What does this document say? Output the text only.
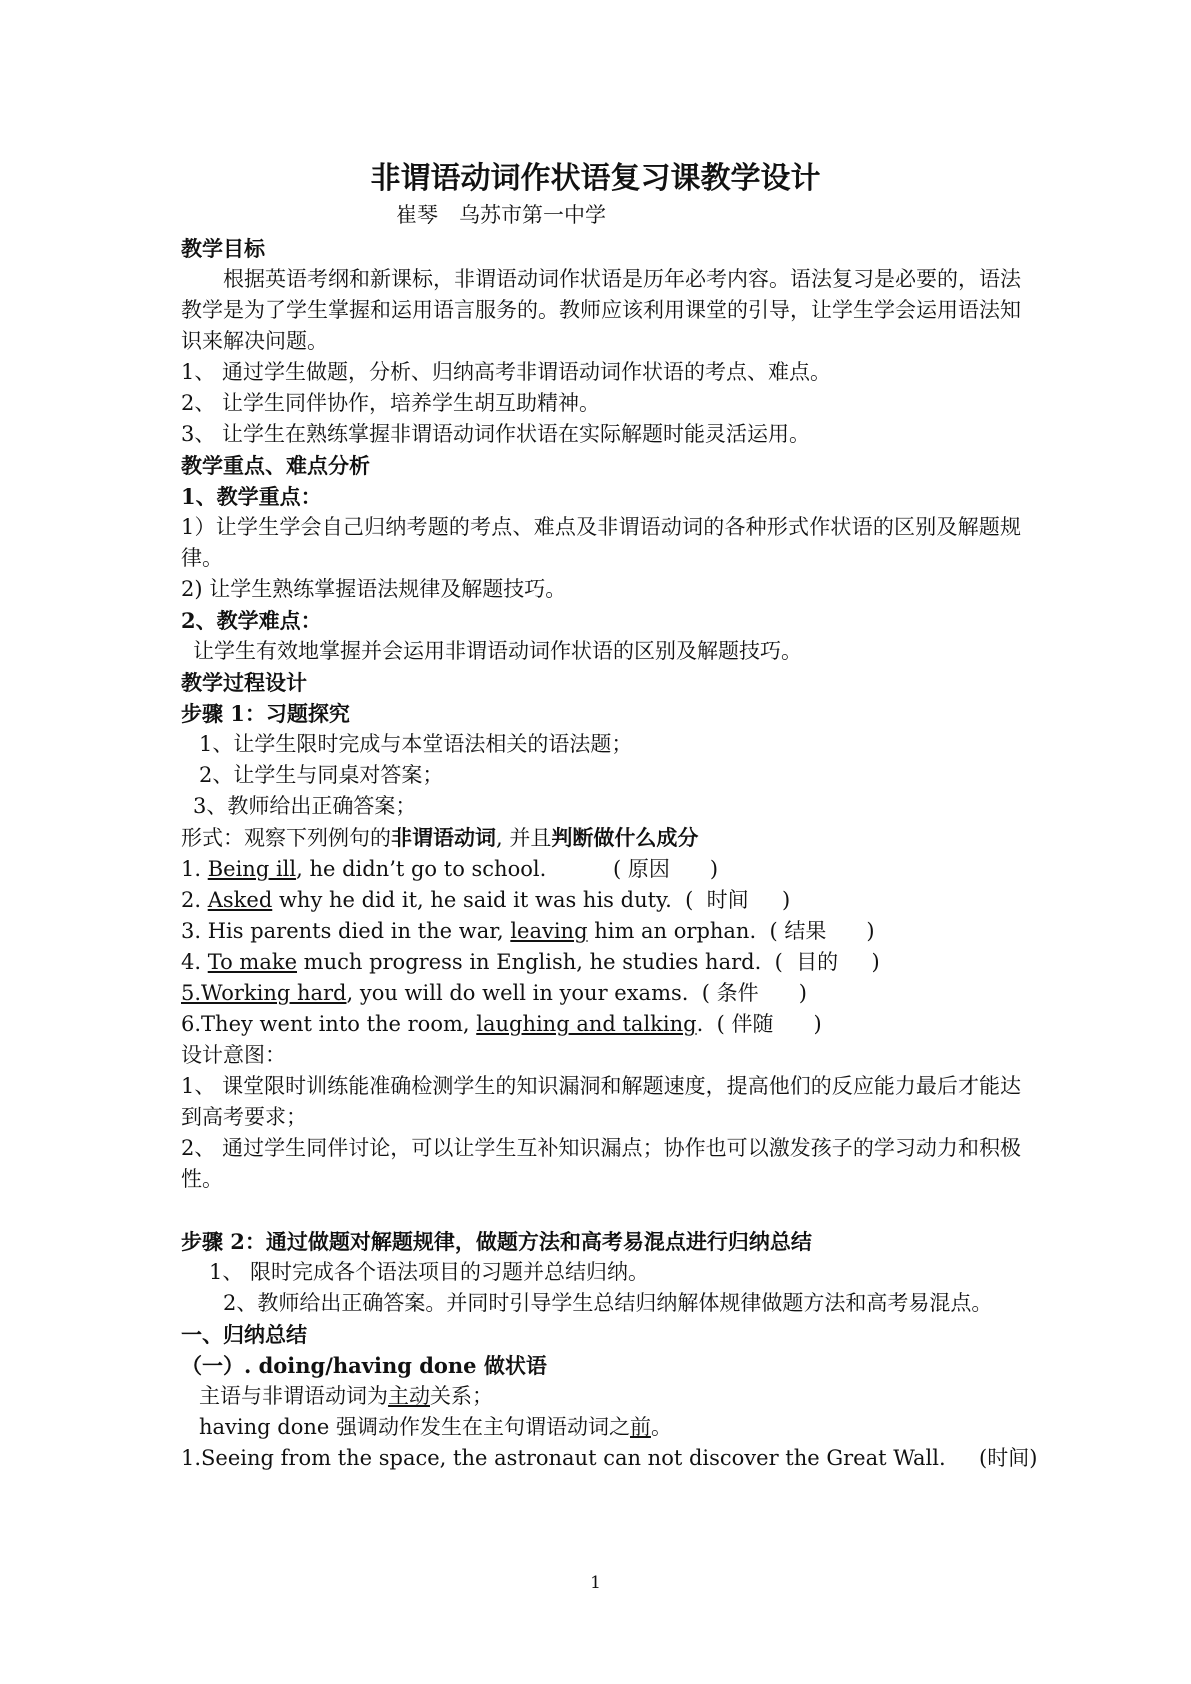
非谓语动词作状语复习课教学设计
崔琴　乌苏市第一中学
教学目标
根据英语考纲和新课标，非谓语动词作状语是历年必考内容。语法复习是必要的，语法教学是为了学生掌握和运用语言服务的。教师应该利用课堂的引导，让学生学会运用语法知识来解决问题。
1、 通过学生做题，分析、归纳高考非谓语动词作状语的考点、难点。
2、 让学生同伴协作，培养学生胡互助精神。
3、 让学生在熟练掌握非谓语动词作状语在实际解题时能灵活运用。
教学重点、难点分析
1、教学重点：
1）让学生学会自己归纳考题的考点、难点及非谓语动词的各种形式作状语的区别及解题规律。
2) 让学生熟练掌握语法规律及解题技巧。
2、教学难点：
让学生有效地掌握并会运用非谓语动词作状语的区别及解题技巧。
教学过程设计
步骤 1：习题探究
1、让学生限时完成与本堂语法相关的语法题；
2、让学生与同桌对答案；
3、教师给出正确答案；
形式：观察下列例句的非谓语动词, 并且判断做什么成分
1. Being ill, he didn’t go to school.          ( 原因      )
2. Asked why he did it, he said it was his duty.  (  时间     )
3. His parents died in the war, leaving him an orphan.  ( 结果      )
4. To make much progress in English, he studies hard.  (  目的     )
5.Working hard, you will do well in your exams.  ( 条件      )
6.They went into the room, laughing and talking.  ( 伴随      )
设计意图：
1、 课堂限时训练能准确检测学生的知识漏洞和解题速度，提高他们的反应能力最后才能达到高考要求；
2、 通过学生同伴讨论，可以让学生互补知识漏点；协作也可以激发孩子的学习动力和积极性。
步骤 2：通过做题对解题规律，做题方法和高考易混点进行归纳总结
1、 限时完成各个语法项目的习题并总结归纳。
2、教师给出正确答案。并同时引导学生总结归纳解体规律做题方法和高考易混点。
一、归纳总结
（一）. doing/having done 做状语
主语与非谓语动词为主动关系；
having done 强调动作发生在主句谓语动词之前。
1.Seeing from the space, the astronaut can not discover the Great Wall.     (时间)
1
